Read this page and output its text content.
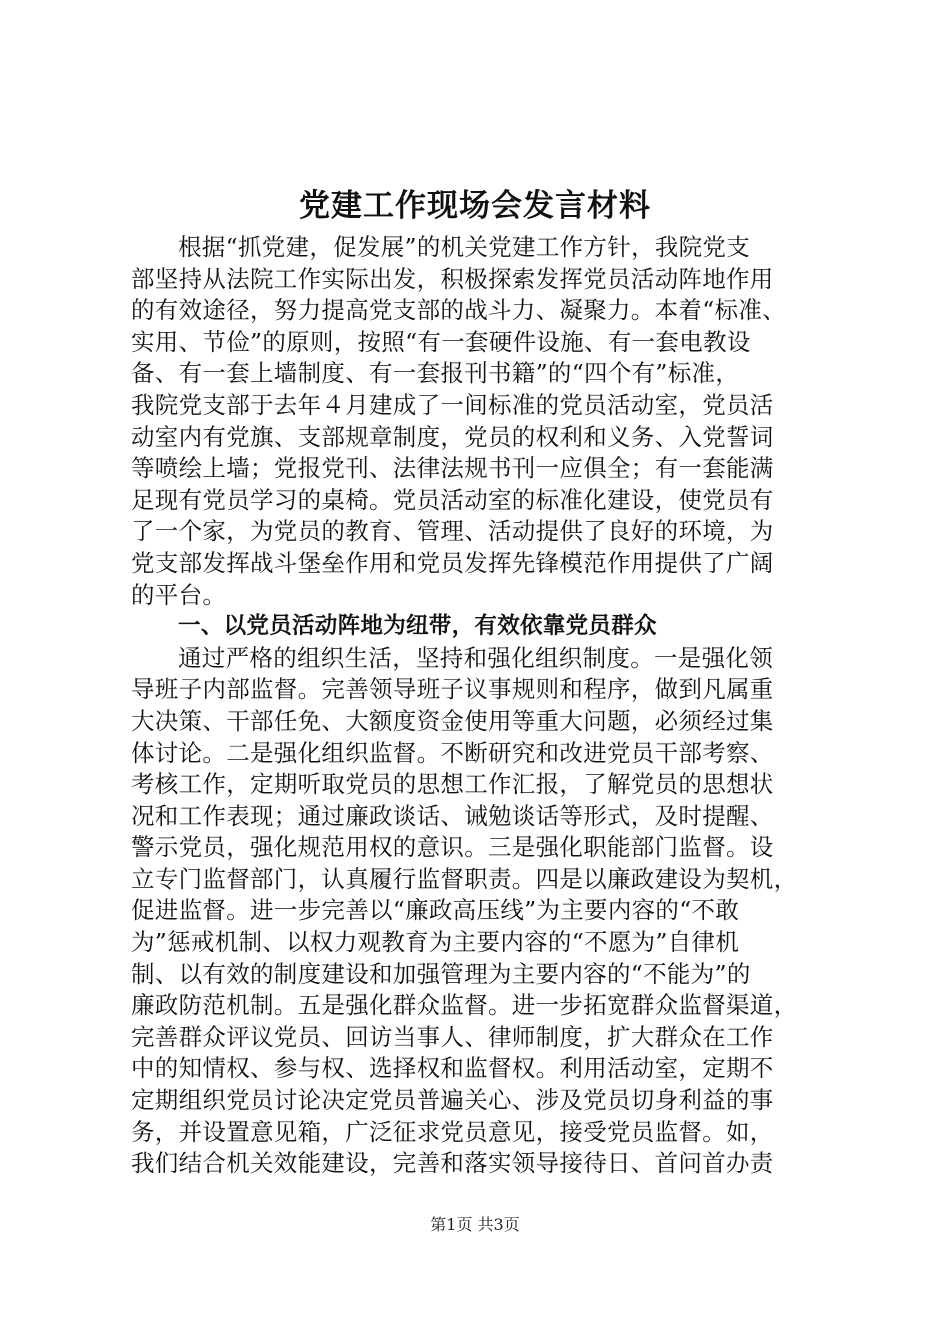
党建工作现场会发言材料
根据“抓党建，促发展”的机关党建工作方针，我院党支
部坚持从法院工作实际出发，积极探索发挥党员活动阵地作用
的有效途径，努力提高党支部的战斗力、凝聚力。本着“标准、
实用、节俭”的原则，按照“有一套硬件设施、有一套电教设
备、有一套上墙制度、有一套报刊书籍”的“四个有”标准，
我院党支部于去年４月建成了一间标准的党员活动室，党员活
动室内有党旗、支部规章制度，党员的权利和义务、入党誓词
等喷绘上墙；党报党刊、法律法规书刊一应俱全；有一套能满
足现有党员学习的桌椅。党员活动室的标准化建设，使党员有
了一个家，为党员的教育、管理、活动提供了良好的环境，为
党支部发挥战斗堡垒作用和党员发挥先锋模范作用提供了广阔
的平台。
一、以党员活动阵地为纽带，有效依靠党员群众
通过严格的组织生活，坚持和强化组织制度。一是强化领
导班子内部监督。完善领导班子议事规则和程序，做到凡属重
大决策、干部任免、大额度资金使用等重大问题，必须经过集
体讨论。二是强化组织监督。不断研究和改进党员干部考察、
考核工作，定期听取党员的思想工作汇报，了解党员的思想状
况和工作表现；通过廉政谈话、诫勉谈话等形式，及时提醒、
警示党员，强化规范用权的意识。三是强化职能部门监督。设
立专门监督部门，认真履行监督职责。四是以廉政建设为契机，
促进监督。进一步完善以“廉政高压线”为主要内容的“不敢
为”惩戒机制、以权力观教育为主要内容的“不愿为”自律机
制、以有效的制度建设和加强管理为主要内容的“不能为”的
廉政防范机制。五是强化群众监督。进一步拓宽群众监督渠道，
完善群众评议党员、回访当事人、律师制度，扩大群众在工作
中的知情权、参与权、选择权和监督权。利用活动室，定期不
定期组织党员讨论决定党员普遍关心、涉及党员切身利益的事
务，并设置意见箱，广泛征求党员意见，接受党员监督。如，
我们结合机关效能建设，完善和落实领导接待日、首问首办责
第1页 共3页
